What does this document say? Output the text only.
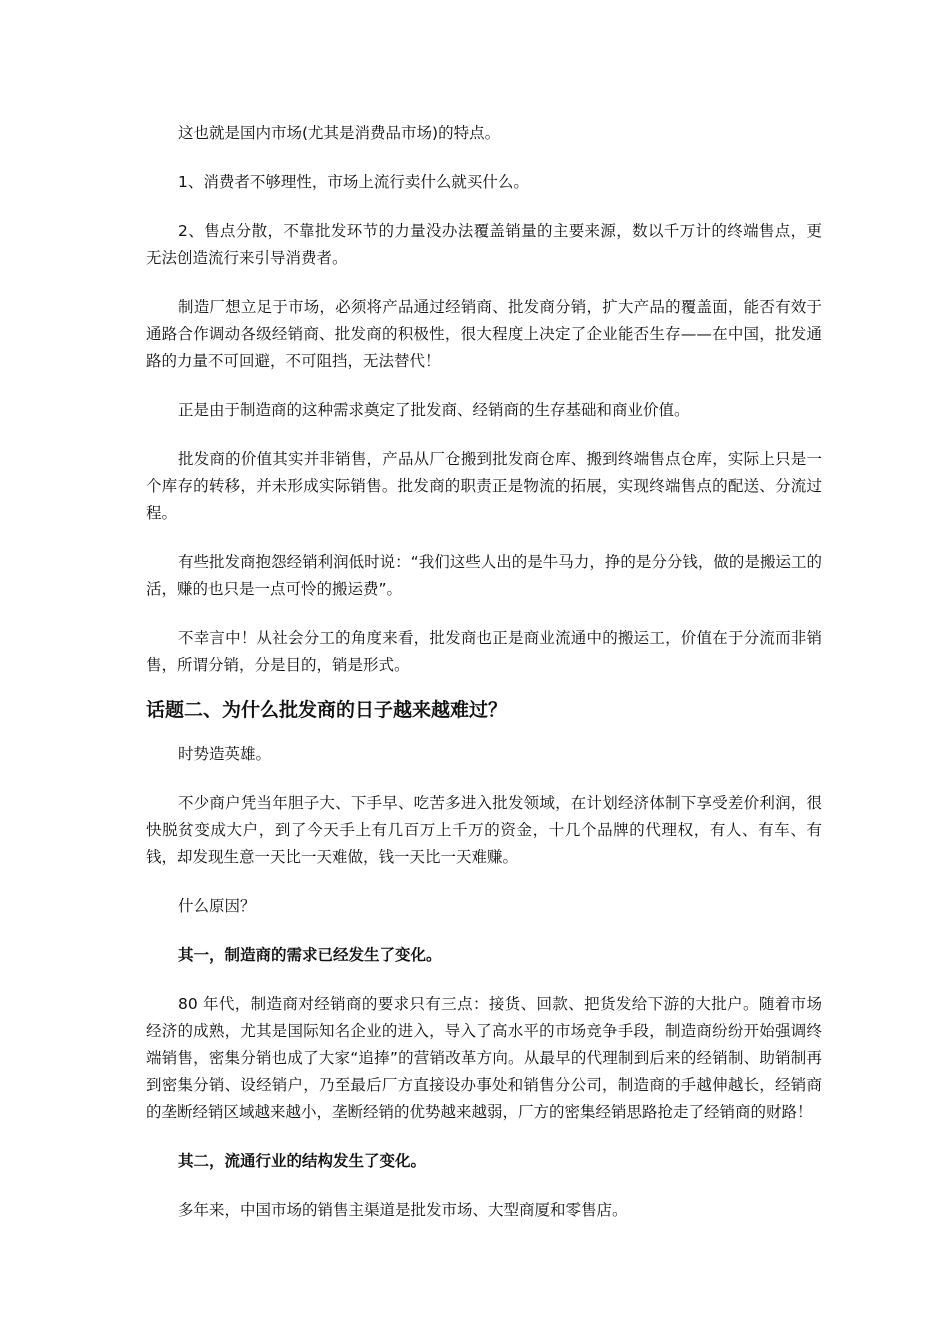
这也就是国内市场(尤其是消费品市场)的特点。

1、消费者不够理性，市场上流行卖什么就买什么。

2、售点分散，不靠批发环节的力量没办法覆盖销量的主要来源，数以千万计的终端售点，更无法创造流行来引导消费者。

制造厂想立足于市场，必须将产品通过经销商、批发商分销，扩大产品的覆盖面，能否有效于通路合作调动各级经销商、批发商的积极性，很大程度上决定了企业能否生存——在中国，批发通路的力量不可回避，不可阻挡，无法替代！

正是由于制造商的这种需求奠定了批发商、经销商的生存基础和商业价值。

批发商的价值其实并非销售，产品从厂仓搬到批发商仓库、搬到终端售点仓库，实际上只是一个库存的转移，并未形成实际销售。批发商的职责正是物流的拓展，实现终端售点的配送、分流过程。

有些批发商抱怨经销利润低时说：“我们这些人出的是牛马力，挣的是分分钱，做的是搬运工的活，赚的也只是一点可怜的搬运费”。

不幸言中！从社会分工的角度来看，批发商也正是商业流通中的搬运工，价值在于分流而非销售，所谓分销，分是目的，销是形式。

话题二、为什么批发商的日子越来越难过？

时势造英雄。

不少商户凭当年胆子大、下手早、吃苦多进入批发领域，在计划经济体制下享受差价利润，很快脱贫变成大户，到了今天手上有几百万上千万的资金，十几个品牌的代理权，有人、有车、有钱，却发现生意一天比一天难做，钱一天比一天难赚。

什么原因？

其一，制造商的需求已经发生了变化。

80 年代，制造商对经销商的要求只有三点：接货、回款、把货发给下游的大批户。随着市场经济的成熟，尤其是国际知名企业的进入，导入了高水平的市场竞争手段，制造商纷纷开始强调终端销售，密集分销也成了大家“追捧”的营销改革方向。从最早的代理制到后来的经销制、助销制再到密集分销、设经销户，乃至最后厂方直接设办事处和销售分公司，制造商的手越伸越长，经销商的垄断经销区域越来越小，垄断经销的优势越来越弱，厂方的密集经销思路抢走了经销商的财路！

其二，流通行业的结构发生了变化。

多年来，中国市场的销售主渠道是批发市场、大型商厦和零售店。
